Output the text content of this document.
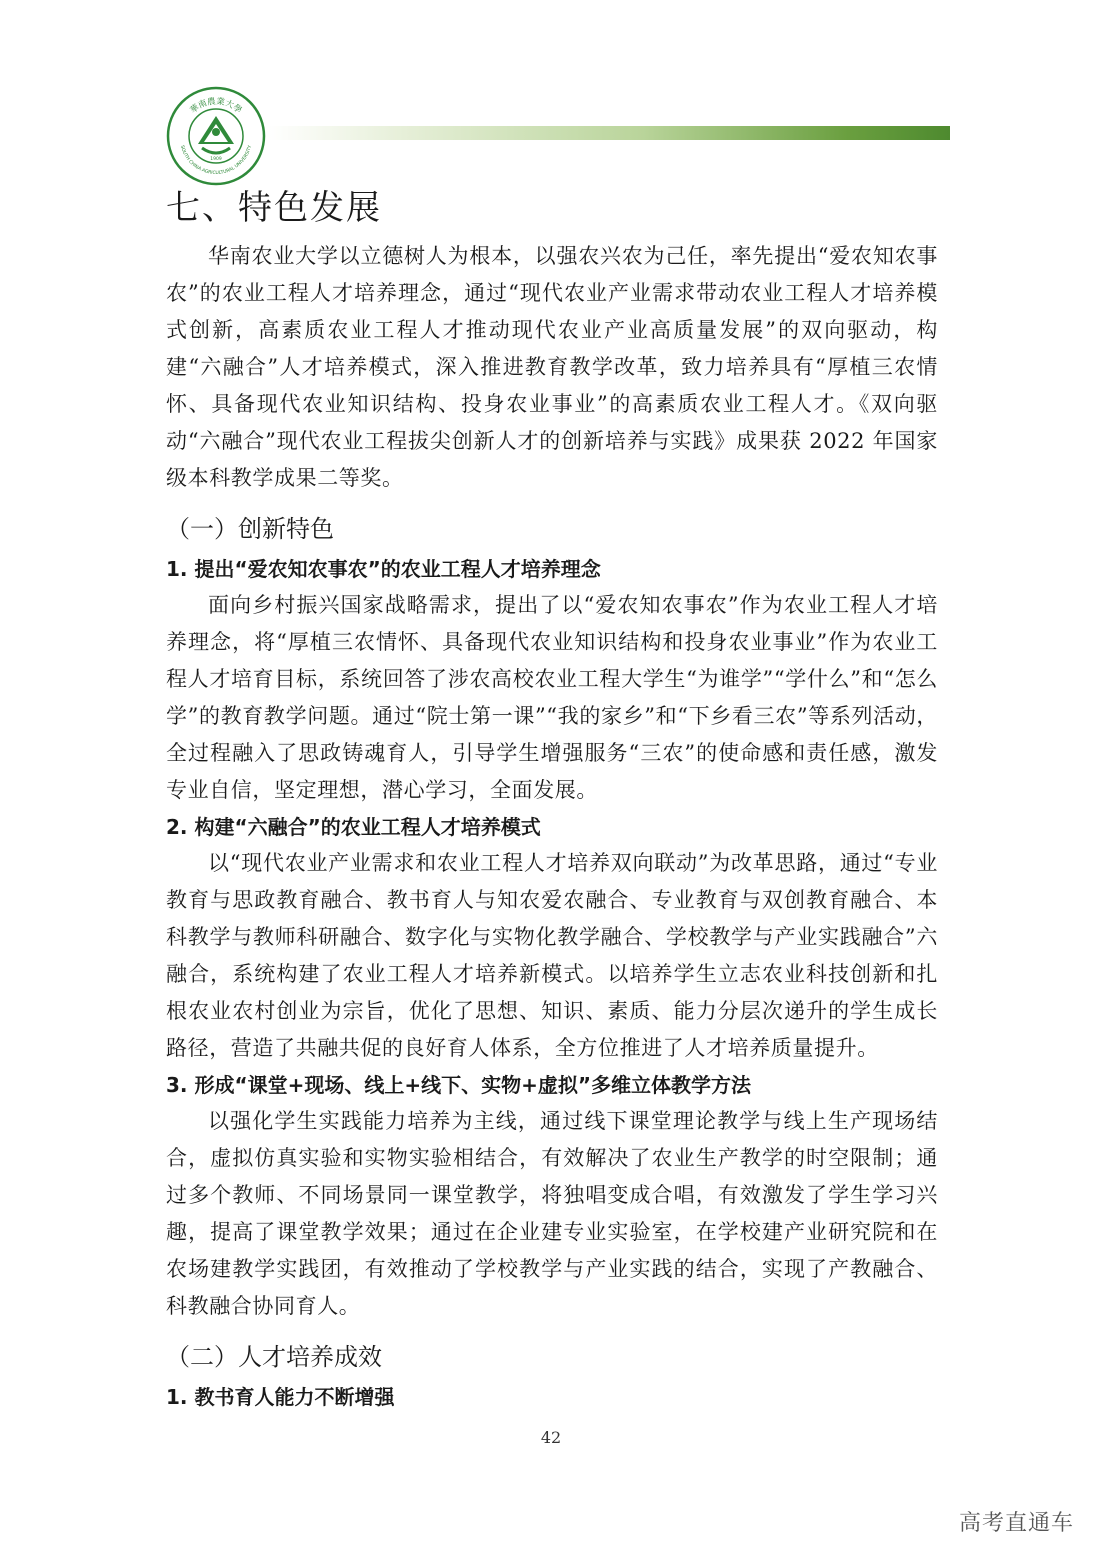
華南農業大學
SOUTH CHINA AGRICULTURAL UNIVERSITY
1909
七、特色发展

华南农业大学以立德树人为根本，以强农兴农为己任，率先提出“爱农知农事农”的农业工程人才培养理念，通过“现代农业产业需求带动农业工程人才培养模式创新，高素质农业工程人才推动现代农业产业高质量发展”的双向驱动，构建“六融合”人才培养模式，深入推进教育教学改革，致力培养具有“厚植三农情怀、具备现代农业知识结构、投身农业事业”的高素质农业工程人才。《双向驱动“六融合”现代农业工程拔尖创新人才的创新培养与实践》成果获 2022 年国家级本科教学成果二等奖。

（一）创新特色
1. 提出“爱农知农事农”的农业工程人才培养理念

面向乡村振兴国家战略需求，提出了以“爱农知农事农”作为农业工程人才培养理念，将“厚植三农情怀、具备现代农业知识结构和投身农业事业”作为农业工程人才培育目标，系统回答了涉农高校农业工程大学生“为谁学”“学什么”和“怎么学”的教育教学问题。通过“院士第一课”“我的家乡”和“下乡看三农”等系列活动，全过程融入了思政铸魂育人，引导学生增强服务“三农”的使命感和责任感，激发专业自信，坚定理想，潜心学习，全面发展。

2. 构建“六融合”的农业工程人才培养模式

以“现代农业产业需求和农业工程人才培养双向联动”为改革思路，通过“专业教育与思政教育融合、教书育人与知农爱农融合、专业教育与双创教育融合、本科教学与教师科研融合、数字化与实物化教学融合、学校教学与产业实践融合”六融合，系统构建了农业工程人才培养新模式。以培养学生立志农业科技创新和扎根农业农村创业为宗旨，优化了思想、知识、素质、能力分层次递升的学生成长路径，营造了共融共促的良好育人体系，全方位推进了人才培养质量提升。

3. 形成“课堂+现场、线上+线下、实物+虚拟”多维立体教学方法

以强化学生实践能力培养为主线，通过线下课堂理论教学与线上生产现场结合，虚拟仿真实验和实物实验相结合，有效解决了农业生产教学的时空限制；通过多个教师、不同场景同一课堂教学，将独唱变成合唱，有效激发了学生学习兴趣，提高了课堂教学效果；通过在企业建专业实验室，在学校建产业研究院和在农场建教学实践团，有效推动了学校教学与产业实践的结合，实现了产教融合、科教融合协同育人。

（二）人才培养成效
1. 教书育人能力不断增强
42
高考直通车
